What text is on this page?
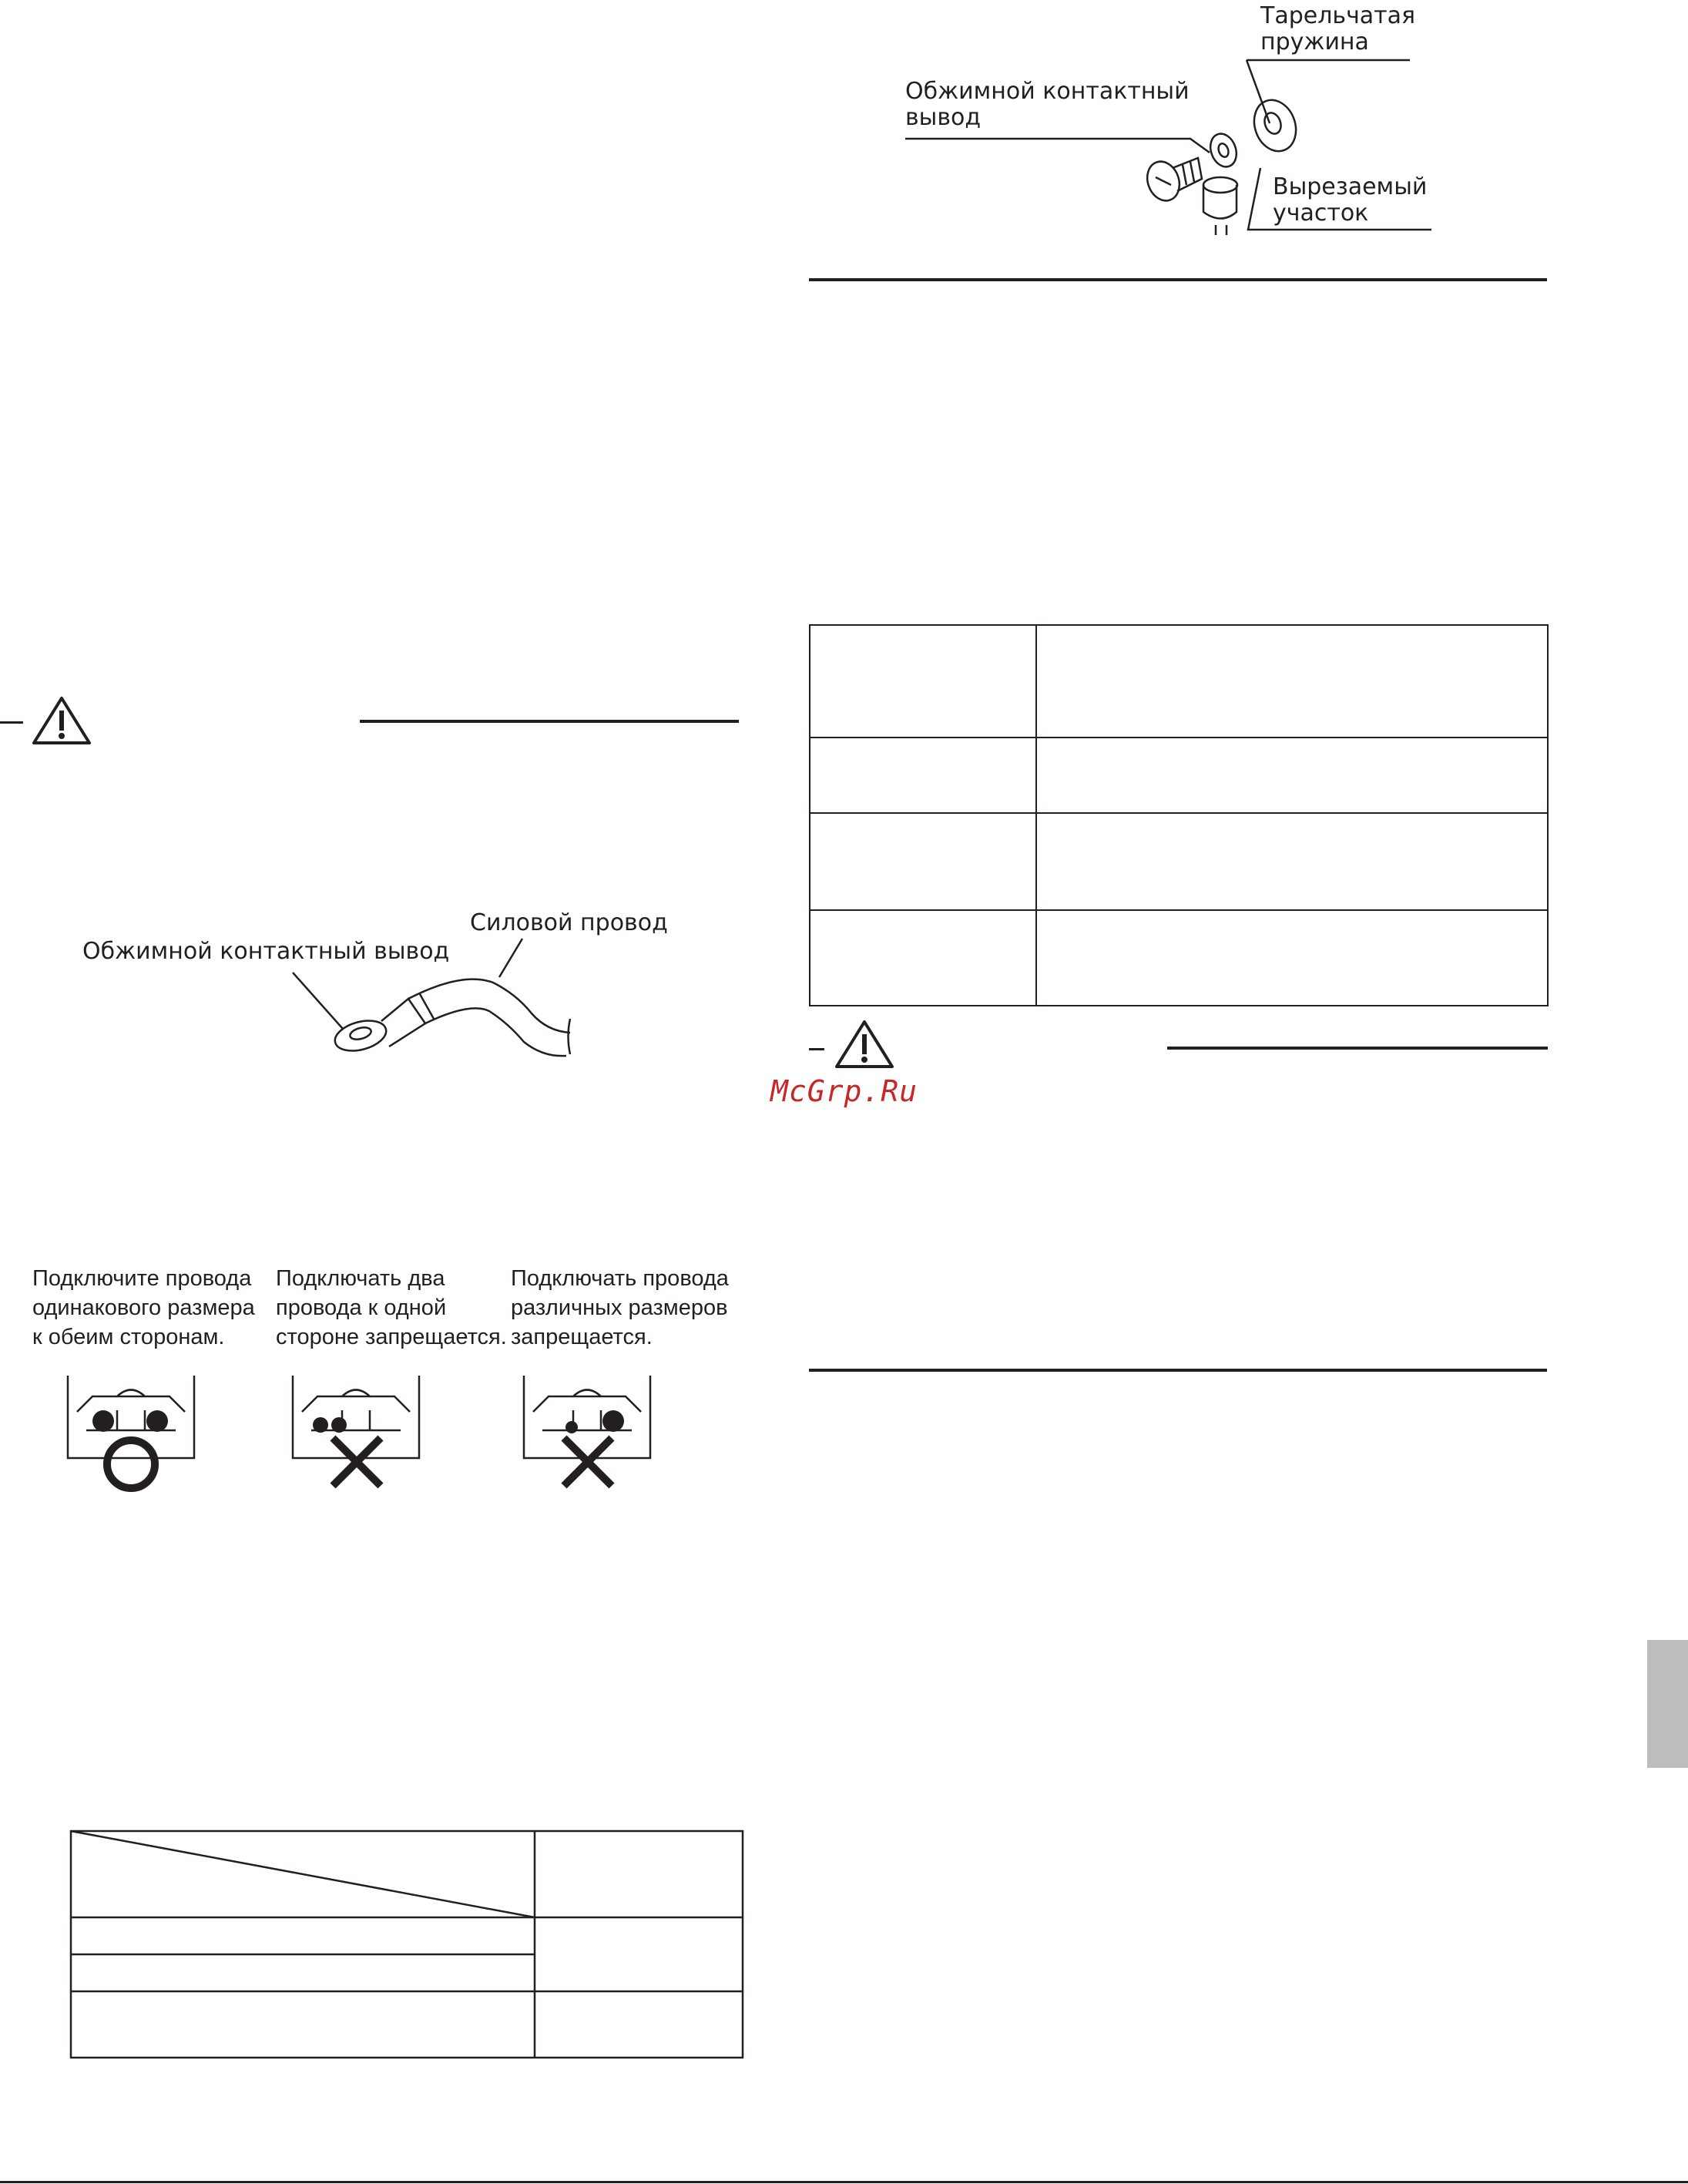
Тарельчатая
пружина
Обжимной контактный
вывод
Вырезаемый
участок

McGrp.Ru
Обжимной контактный вывод
Силовой провод
Подключите провода
одинакового размера
к обеим сторонам.
Подключать два
провода к одной
стороне запрещается.
Подключать провода
различных размеров
запрещается.
